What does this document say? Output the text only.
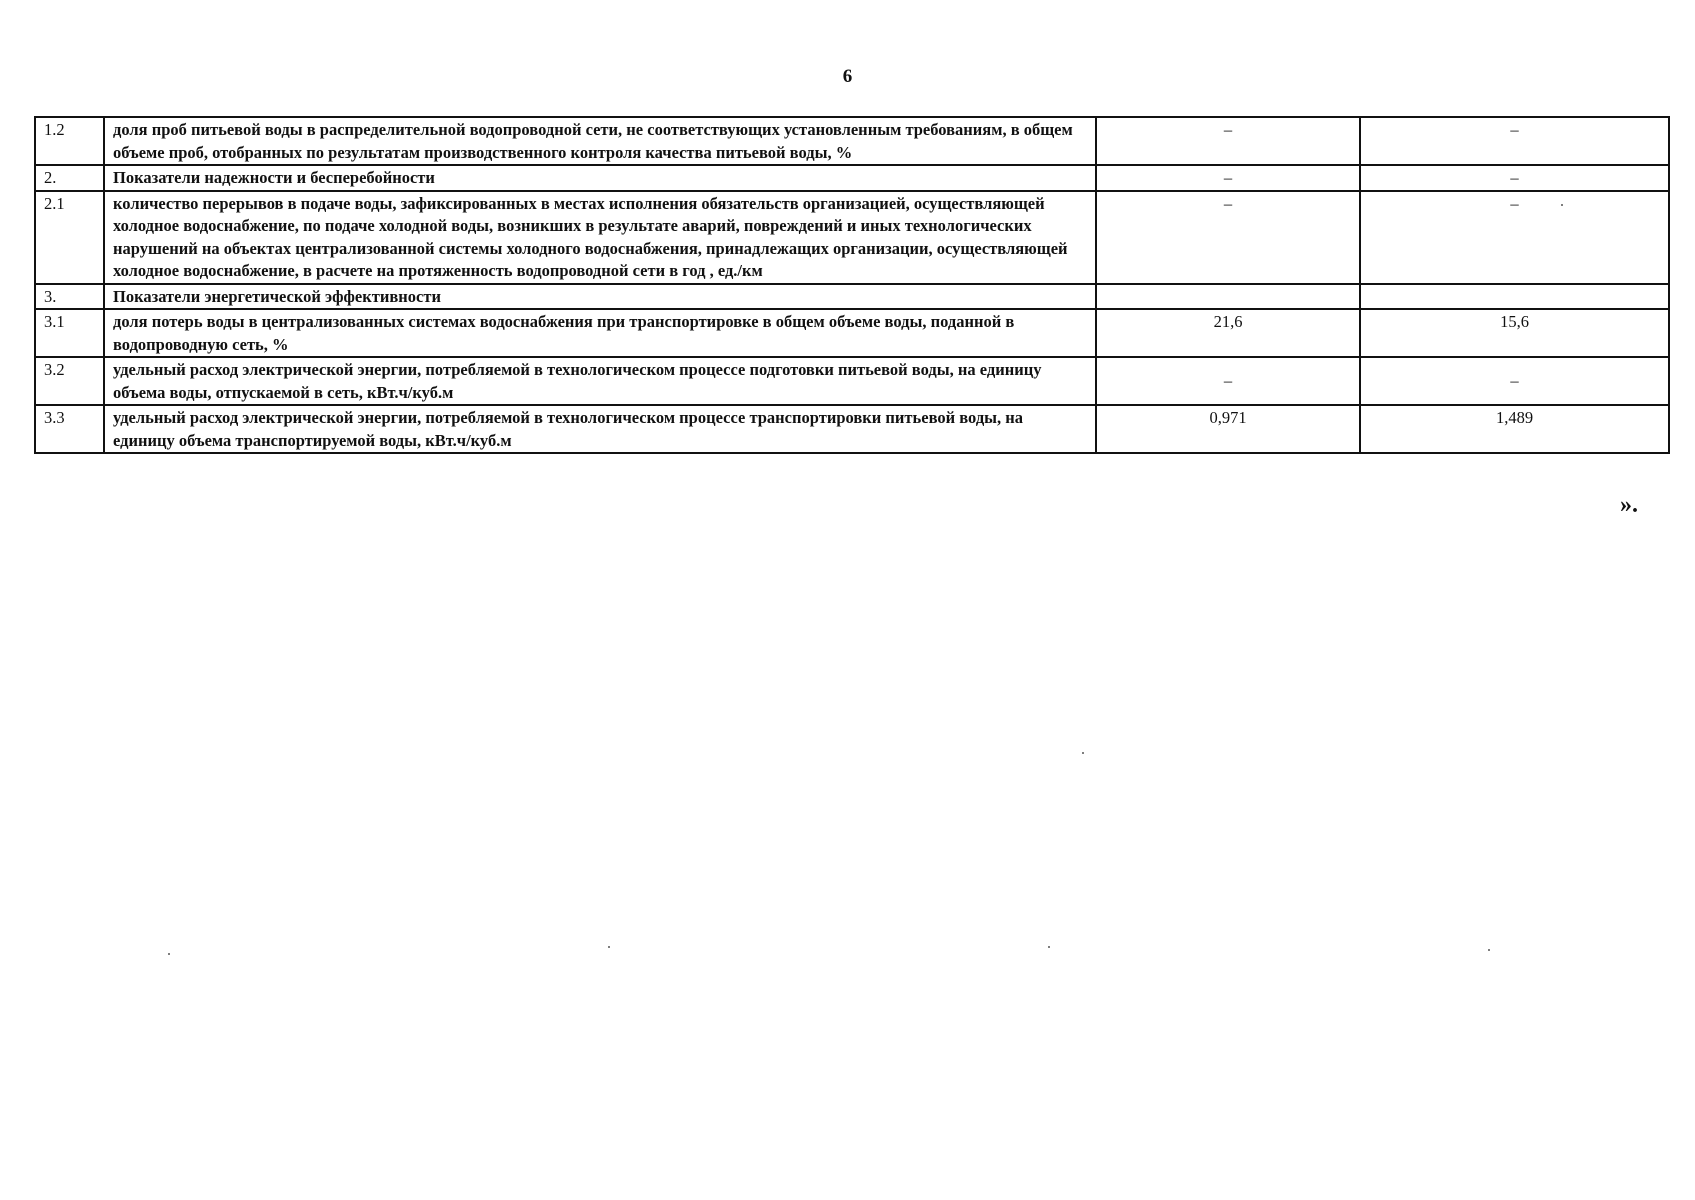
6
1.2	доля проб питьевой воды в распределительной водопроводной сети, не соответствующих установленным требованиям, в общем объеме проб, отобранных по результатам производственного контроля качества питьевой воды, %	–	–
2.	Показатели надежности и бесперебойности	–	–
2.1	количество перерывов в подаче воды, зафиксированных в местах исполнения обязательств организацией, осуществляющей холодное водоснабжение, по подаче холодной воды, возникших в результате аварий, повреждений и иных технологических нарушений на объектах централизованной системы холодного водоснабжения, принадлежащих организации, осуществляющей холодное водоснабжение, в расчете на протяженность водопроводной сети в год , ед./км	–	–
3.	Показатели энергетической эффективности		
3.1	доля потерь воды в централизованных системах водоснабжения при транспортировке в общем объеме воды, поданной в водопроводную сеть, %	21,6	15,6
3.2	удельный расход электрической энергии, потребляемой в технологическом процессе подготовки питьевой воды, на единицу объема воды, отпускаемой в сеть, кВт.ч/куб.м	–	–
3.3	удельный расход электрической энергии, потребляемой в технологическом процессе транспортировки питьевой воды, на единицу объема транспортируемой воды, кВт.ч/куб.м	0,971	1,489
».
